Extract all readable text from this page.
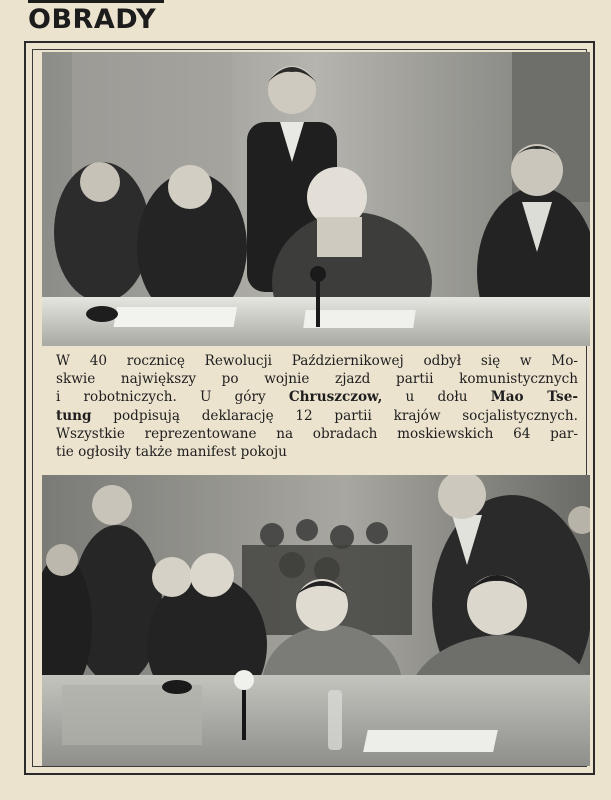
OBRADY
W 40 rocznicę Rewolucji Październikowej odbył się w Mo-
skwie największy po wojnie zjazd partii komunistycznych
i robotniczych. U góry Chruszczow, u dołu Mao Tse-
tung podpisują deklarację 12 partii krajów socjalistycznych.
Wszystkie reprezentowane na obradach moskiewskich 64 par-
tie ogłosiły także manifest pokoju
